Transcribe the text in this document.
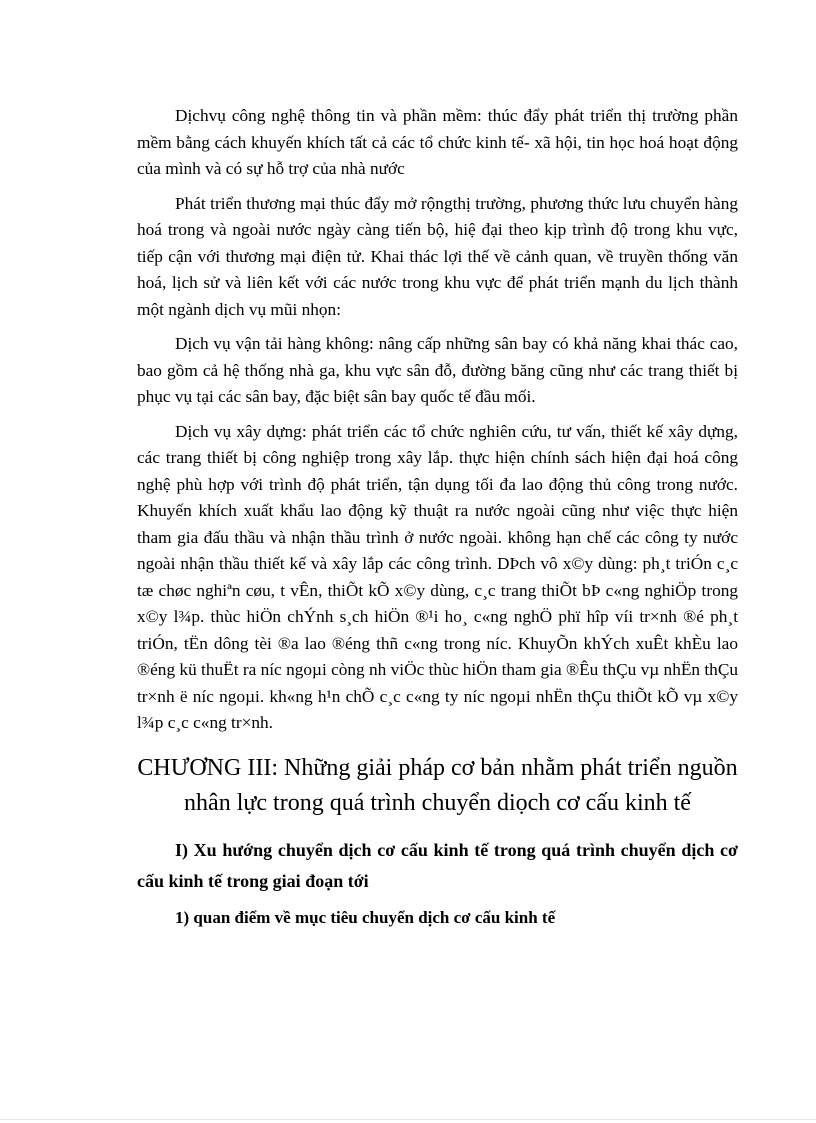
Dịchvụ công nghệ thông tin và phần mềm: thúc đẩy phát triển thị trường phần mềm bằng cách khuyến khích tất cả các tổ chức kinh tế- xã hội, tin học hoá hoạt động của mình và có sự hỗ trợ của nhà nước

Phát triển thương mại thúc đẩy mở rộngthị trường, phương thức lưu chuyển hàng hoá trong và ngoài nước ngày càng tiến bộ, hiệ đại theo kịp trình độ trong khu vực, tiếp cận với thương mại điện tử. Khai thác lợi thế về cảnh quan, về truyền thống văn hoá, lịch sử và liên kết với các nước trong khu vực để phát triển mạnh du lịch thành một ngành dịch vụ mũi nhọn:

Dịch vụ vận tải hàng không: nâng cấp những sân bay có khả năng khai thác cao, bao gồm cả hệ thống nhà ga, khu vực sân đỗ, đường băng cũng như các trang thiết bị phục vụ tại các sân bay, đặc biệt sân bay quốc tế đầu mối.

Dịch vụ xây dựng: phát triển các tổ chức nghiên cứu, tư vấn, thiết kế xây dựng, các trang thiết bị công nghiệp trong xây lắp. thực hiện chính sách hiện đại hoá công nghệ phù hợp với trình độ phát triển, tận dụng tối đa lao động thủ công trong nước. Khuyến khích xuất khẩu lao động kỹ thuật ra nước ngoài cũng như việc thực hiện tham gia đấu thầu và nhận thầu trình ở nước ngoài. không hạn chế các công ty nước ngoài nhận thầu thiết kế và xây lắp các công trình. DÞch vô x©y dùng: ph¸t triÓn c¸c tæ chøc nghiªn cøu, t vÊn, thiÕt kÕ x©y dùng, c¸c trang thiÕt bÞ c«ng nghiÖp trong x©y l¾p. thùc hiÖn chÝnh s¸ch hiÖn ®¹i ho¸ c«ng nghÖ phï hîp víi tr×nh ®é ph¸t triÓn, tËn dông tèi ®a lao ®éng thñ c«ng trong níc. KhuyÕn khÝch xuÊt khÈu lao ®éng kü thuËt ra níc ngoµi còng nh viÖc thùc hiÖn tham gia ®Êu thÇu vµ nhËn thÇu tr×nh ë níc ngoµi. kh«ng h¹n chÕ c¸c c«ng ty níc ngoµi nhËn thÇu thiÕt kÕ vµ x©y l¾p c¸c c«ng tr×nh.

CHƯƠNG III: Những giải pháp cơ bản nhằm phát triển nguồn nhân lực trong quá trình chuyển diọch cơ cấu kinh tế
I) Xu hướng chuyển dịch cơ cấu kinh tế trong quá trình chuyển dịch cơ cấu kinh tế trong giai đoạn tới
1) quan điểm về mục tiêu chuyển dịch cơ cấu kinh tế
